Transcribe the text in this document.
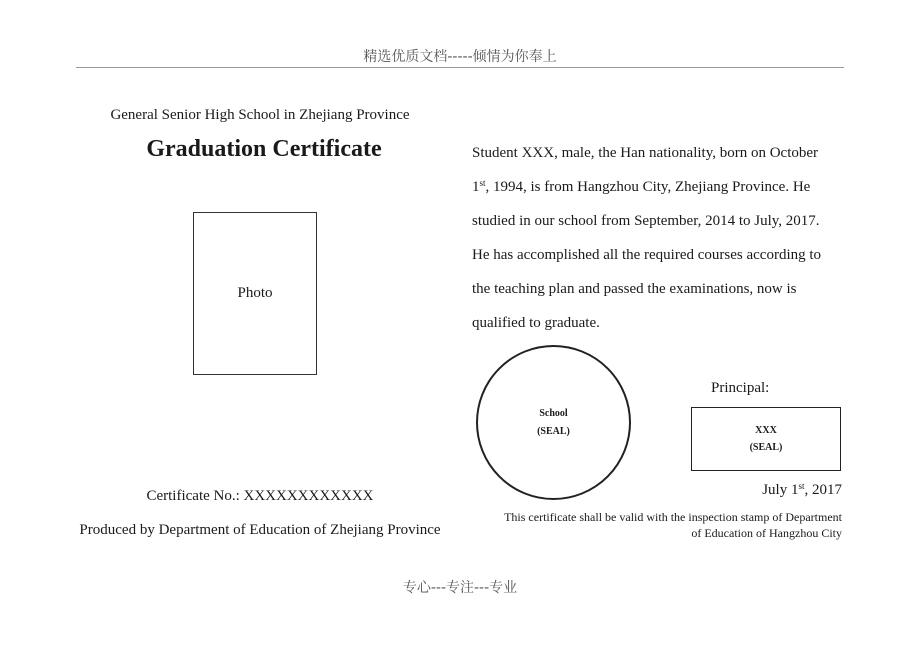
精选优质文档-----倾情为你奉上
General Senior High School in Zhejiang Province
Graduation Certificate
Photo
Certificate No.: XXXXXXXXXXXX
Produced by Department of Education of Zhejiang Province

Student XXX, male, the Han nationality, born on October

1st, 1994, is from Hangzhou City, Zhejiang Province. He

studied in our school from September, 2014 to July, 2017.

He has accomplished all the required courses according to

the teaching plan and passed the examinations, now is

qualified to graduate.

School
(SEAL)
Principal:
XXX
(SEAL)
July 1st, 2017
This certificate shall be valid with the inspection stamp of Department
of Education of Hangzhou City
专心---专注---专业
